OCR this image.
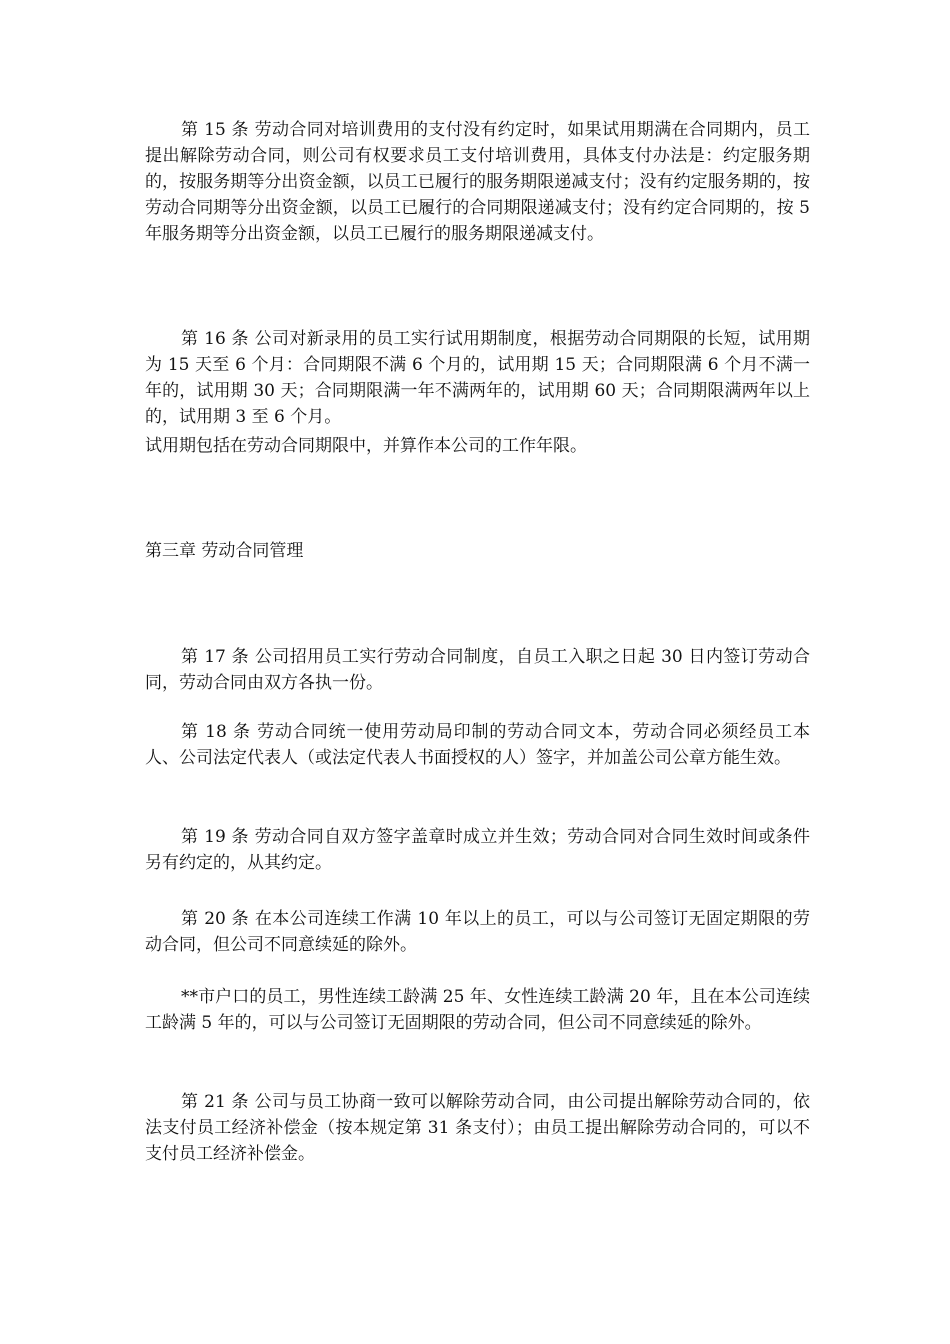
第 15 条 劳动合同对培训费用的支付没有约定时，如果试用期满在合同期内，员工提出解除劳动合同，则公司有权要求员工支付培训费用，具体支付办法是：约定服务期的，按服务期等分出资金额，以员工已履行的服务期限递减支付；没有约定服务期的，按劳动合同期等分出资金额，以员工已履行的合同期限递减支付；没有约定合同期的，按 5 年服务期等分出资金额，以员工已履行的服务期限递减支付。

第 16 条 公司对新录用的员工实行试用期制度，根据劳动合同期限的长短，试用期为 15 天至 6 个月：合同期限不满 6 个月的，试用期 15 天；合同期限满 6 个月不满一年的，试用期 30 天；合同期限满一年不满两年的，试用期 60 天；合同期限满两年以上的，试用期 3 至 6 个月。

试用期包括在劳动合同期限中，并算作本公司的工作年限。

第三章 劳动合同管理

第 17 条 公司招用员工实行劳动合同制度，自员工入职之日起 30 日内签订劳动合同，劳动合同由双方各执一份。

第 18 条 劳动合同统一使用劳动局印制的劳动合同文本，劳动合同必须经员工本人、公司法定代表人（或法定代表人书面授权的人）签字，并加盖公司公章方能生效。

第 19 条 劳动合同自双方签字盖章时成立并生效；劳动合同对合同生效时间或条件另有约定的，从其约定。

第 20 条 在本公司连续工作满 10 年以上的员工，可以与公司签订无固定期限的劳动合同，但公司不同意续延的除外。

**市户口的员工，男性连续工龄满 25 年、女性连续工龄满 20 年，且在本公司连续工龄满 5 年的，可以与公司签订无固期限的劳动合同，但公司不同意续延的除外。

第 21 条 公司与员工协商一致可以解除劳动合同，由公司提出解除劳动合同的，依法支付员工经济补偿金（按本规定第 31 条支付）；由员工提出解除劳动合同的，可以不支付员工经济补偿金。
